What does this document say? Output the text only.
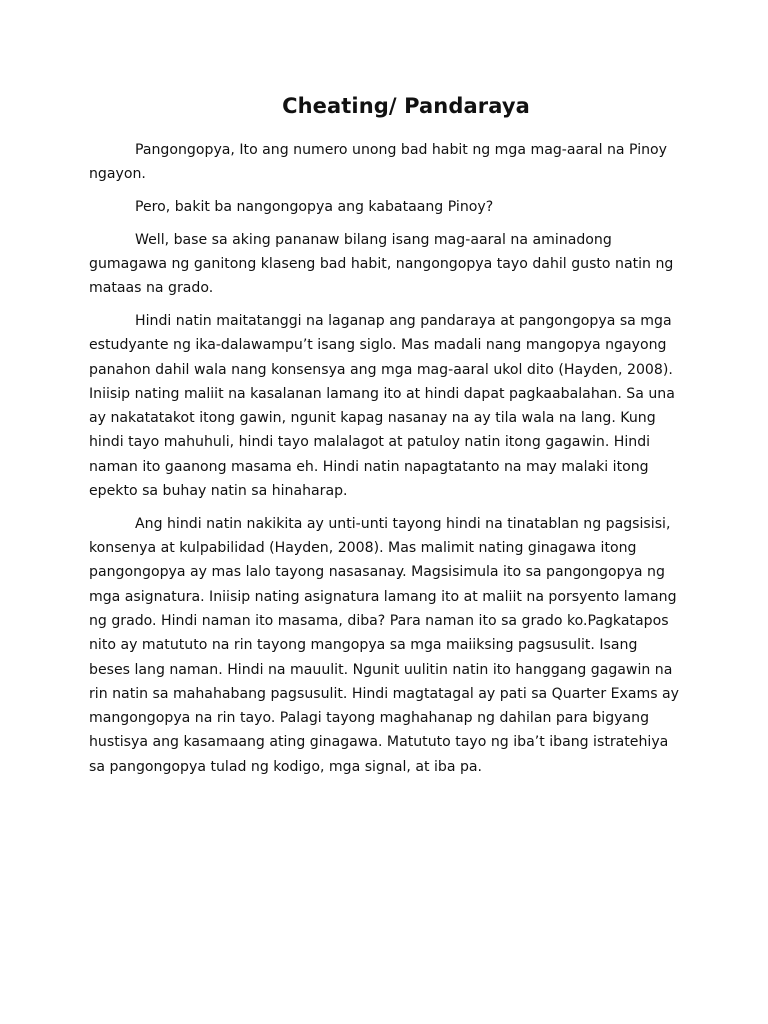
Cheating/ Pandaraya
Pangongopya, Ito ang numero unong bad habit ng mga mag-aaral na Pinoy
ngayon.
Pero, bakit ba nangongopya ang kabataang Pinoy?
Well, base sa aking pananaw bilang isang mag-aaral na aminadong
gumagawa ng ganitong klaseng bad habit, nangongopya tayo dahil gusto natin ng
mataas na grado.
Hindi natin maitatanggi na laganap ang pandaraya at pangongopya sa mga
estudyante ng ika-dalawampu’t isang siglo. Mas madali nang mangopya ngayong
panahon dahil wala nang konsensya ang mga mag-aaral ukol dito (Hayden, 2008).
Iniisip nating maliit na kasalanan lamang ito at hindi dapat pagkaabalahan. Sa una
ay nakatatakot itong gawin, ngunit kapag nasanay na ay tila wala na lang. Kung
hindi tayo mahuhuli, hindi tayo malalagot at patuloy natin itong gagawin. Hindi
naman ito gaanong masama eh. Hindi natin napagtatanto na may malaki itong
epekto sa buhay natin sa hinaharap.
Ang hindi natin nakikita ay unti-unti tayong hindi na tinatablan ng pagsisisi,
konsenya at kulpabilidad (Hayden, 2008). Mas malimit nating ginagawa itong
pangongopya ay mas lalo tayong nasasanay. Magsisimula ito sa pangongopya ng
mga asignatura. Iniisip nating asignatura lamang ito at maliit na porsyento lamang
ng grado. Hindi naman ito masama, diba? Para naman ito sa grado ko.Pagkatapos
nito ay matututo na rin tayong mangopya sa mga maiiksing pagsusulit. Isang
beses lang naman. Hindi na mauulit. Ngunit uulitin natin ito hanggang gagawin na
rin natin sa mahahabang pagsusulit. Hindi magtatagal ay pati sa Quarter Exams ay
mangongopya na rin tayo. Palagi tayong maghahanap ng dahilan para bigyang
hustisya ang kasamaang ating ginagawa. Matututo tayo ng iba’t ibang istratehiya
sa pangongopya tulad ng kodigo, mga signal, at iba pa.
